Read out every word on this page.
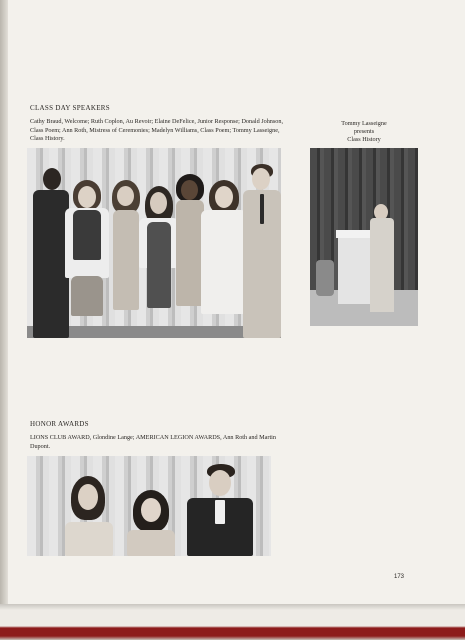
CLASS DAY SPEAKERS
Cathy Braud, Welcome; Ruth Coplon, Au Revoir; Elaine DeFelice, Junior Response; Donald Johnson, Class Poem; Ann Roth, Mistress of Ceremonies; Madelyn Williams, Class Poem; Tommy Lasseigne, Class History.
Tommy Lasseigne
presents
Class History
HONOR AWARDS
LIONS CLUB AWARD, Glondine Lange; AMERICAN LEGION AWARDS, Ann Roth and Martin Dupont.
173
